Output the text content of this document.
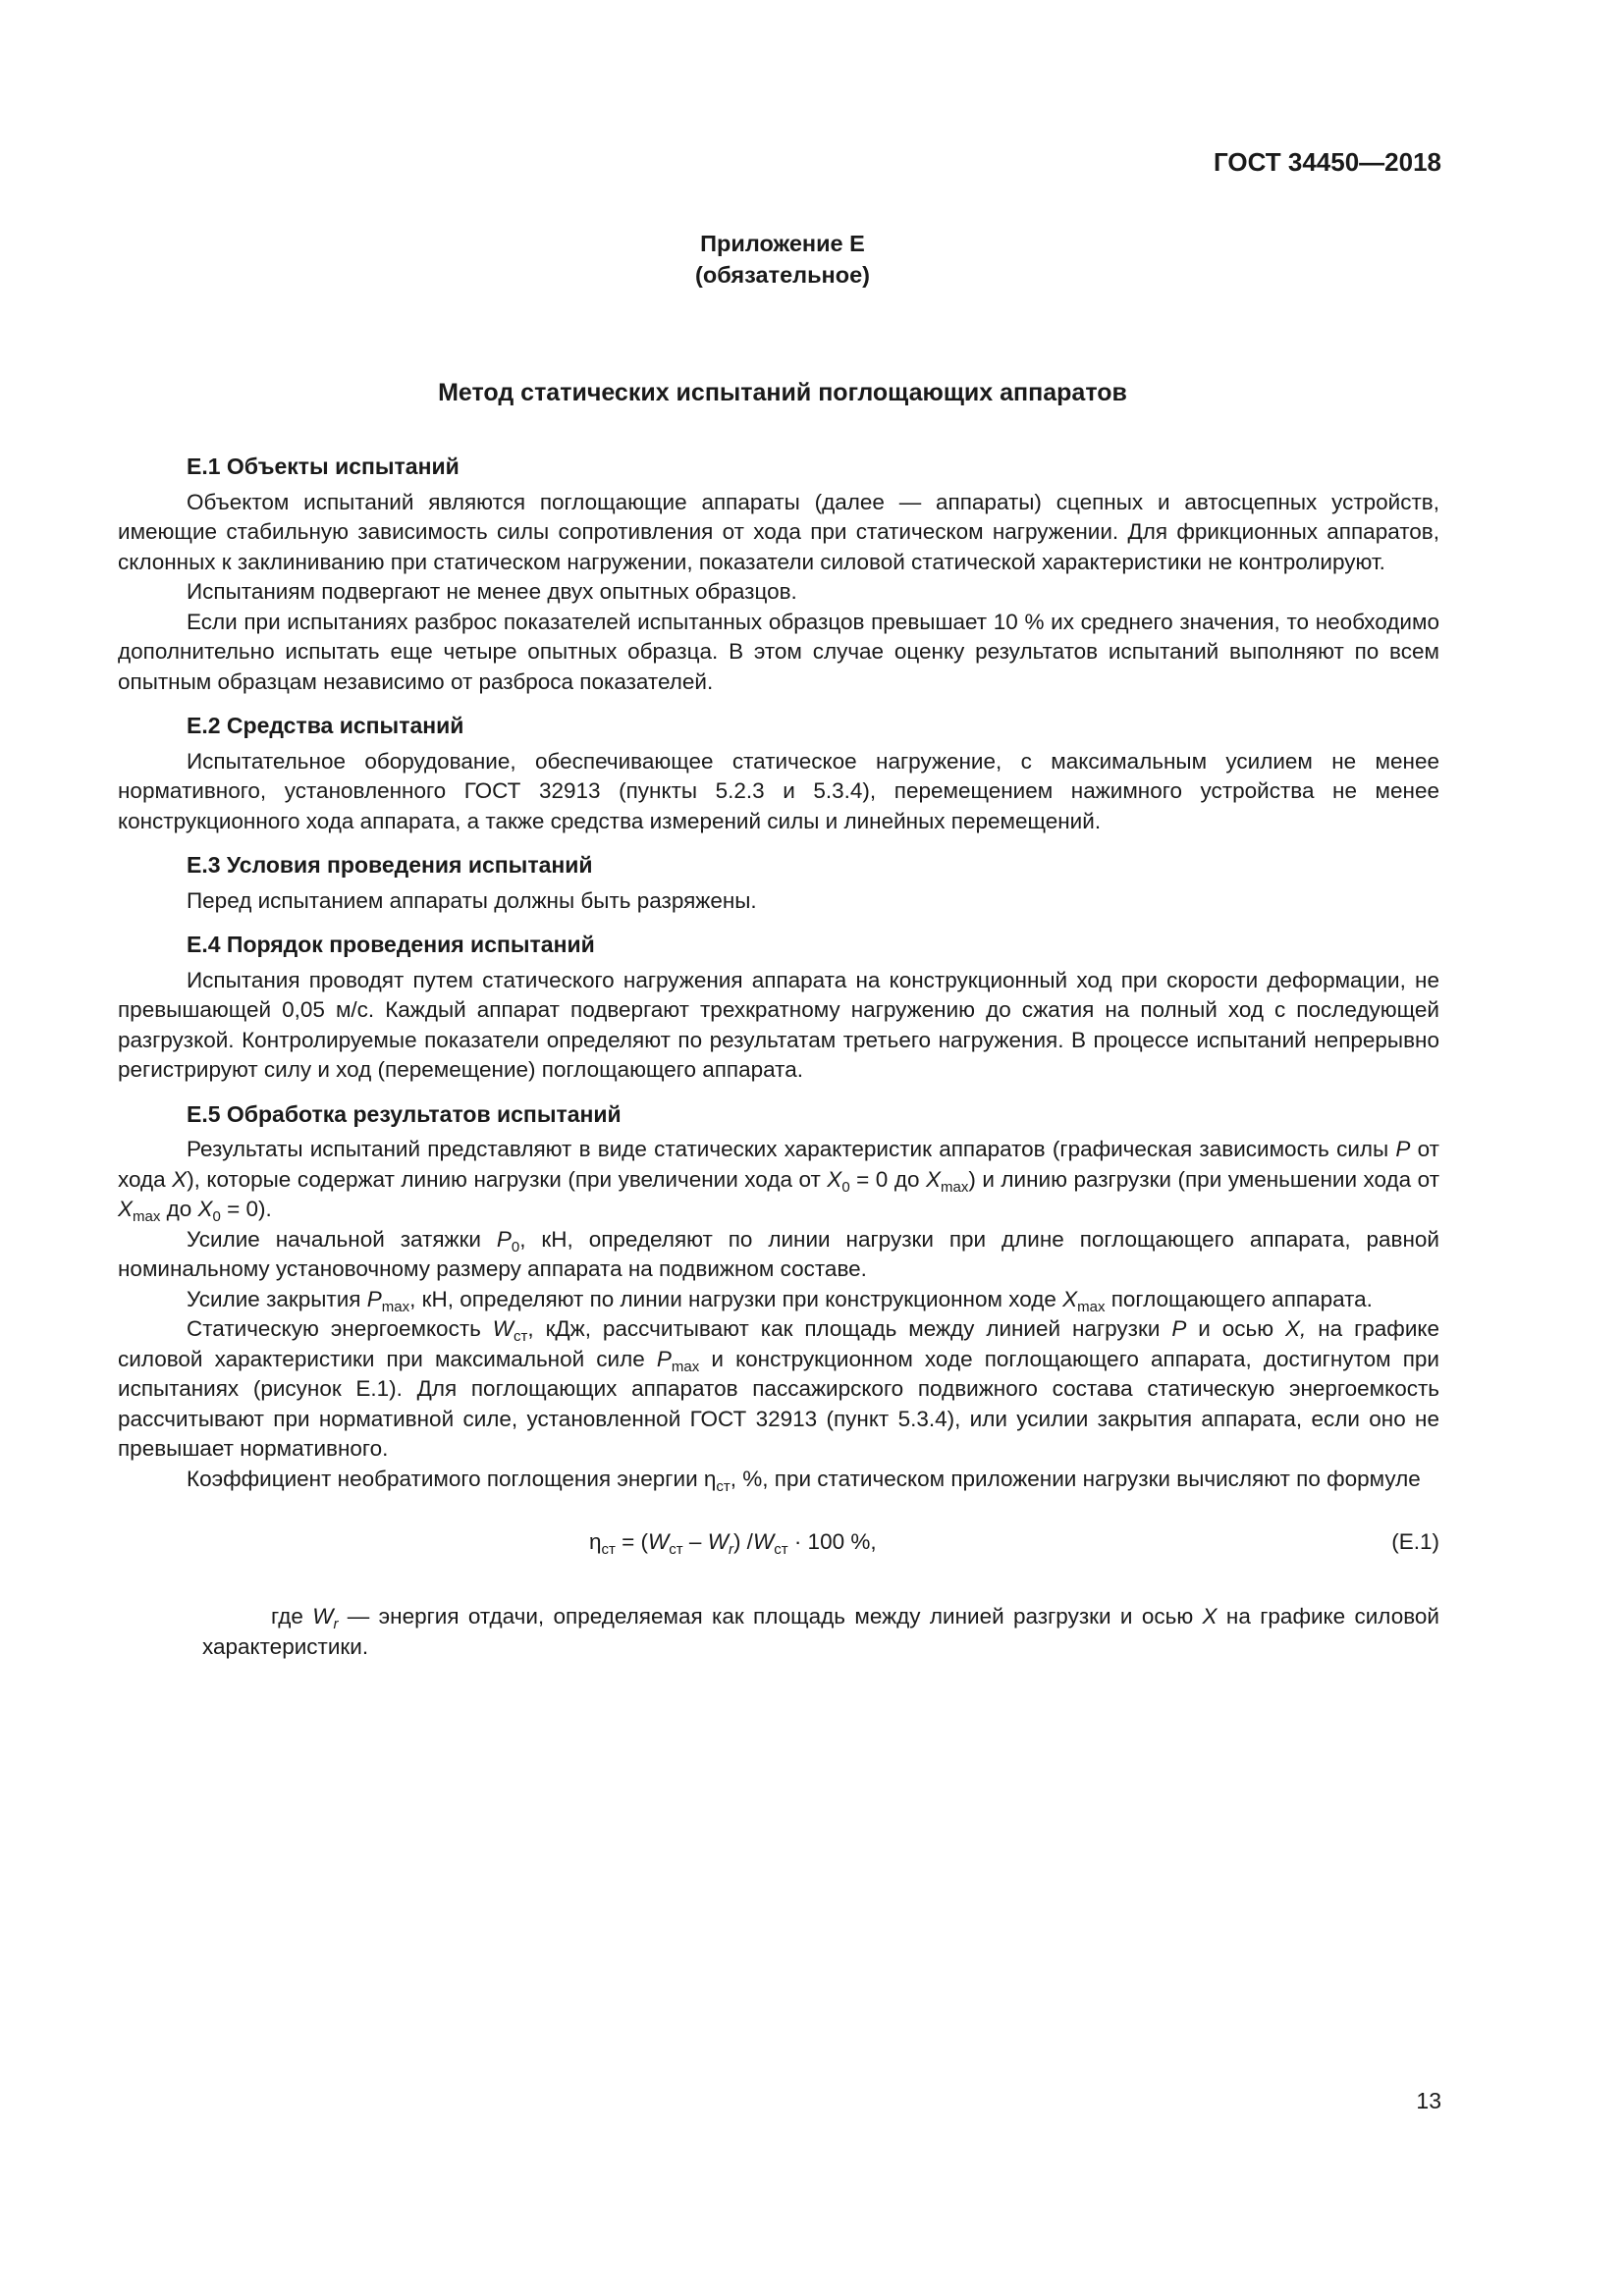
ГОСТ 34450—2018
Приложение Е
(обязательное)
Метод статических испытаний поглощающих аппаратов
Е.1 Объекты испытаний

Объектом испытаний являются поглощающие аппараты (далее — аппараты) сцепных и автосцепных устройств, имеющие стабильную зависимость силы сопротивления от хода при статическом нагружении. Для фрикционных аппаратов, склонных к заклиниванию при статическом нагружении, показатели силовой статической характеристики не контролируют.

Испытаниям подвергают не менее двух опытных образцов.

Если при испытаниях разброс показателей испытанных образцов превышает 10 % их среднего значения, то необходимо дополнительно испытать еще четыре опытных образца. В этом случае оценку результатов испытаний выполняют по всем опытным образцам независимо от разброса показателей.

Е.2 Средства испытаний

Испытательное оборудование, обеспечивающее статическое нагружение, с максимальным усилием не менее нормативного, установленного ГОСТ 32913 (пункты 5.2.3 и 5.3.4), перемещением нажимного устройства не менее конструкционного хода аппарата, а также средства измерений силы и линейных перемещений.

Е.3 Условия проведения испытаний

Перед испытанием аппараты должны быть разряжены.

Е.4 Порядок проведения испытаний

Испытания проводят путем статического нагружения аппарата на конструкционный ход при скорости деформации, не превышающей 0,05 м/с. Каждый аппарат подвергают трехкратному нагружению до сжатия на полный ход с последующей разгрузкой. Контролируемые показатели определяют по результатам третьего нагружения. В процессе испытаний непрерывно регистрируют силу и ход (перемещение) поглощающего аппарата.

Е.5 Обработка результатов испытаний

Результаты испытаний представляют в виде статических характеристик аппаратов (графическая зависимость силы P от хода X), которые содержат линию нагрузки (при увеличении хода от $X_0 = 0$ до $X_{max}$) и линию разгрузки (при уменьшении хода от $X_{max}$ до $X_0 = 0$).

Усилие начальной затяжки $P_0$, кН, определяют по линии нагрузки при длине поглощающего аппарата, равной номинальному установочному размеру аппарата на подвижном составе.

Усилие закрытия $P_{max}$, кН, определяют по линии нагрузки при конструкционном ходе $X_{max}$ поглощающего аппарата.

Статическую энергоемкость $W_{ст}$, кДж, рассчитывают как площадь между линией нагрузки P и осью X, на графике силовой характеристики при максимальной силе $P_{max}$ и конструкционном ходе поглощающего аппарата, достигнутом при испытаниях (рисунок Е.1). Для поглощающих аппаратов пассажирского подвижного состава статическую энергоемкость рассчитывают при нормативной силе, установленной ГОСТ 32913 (пункт 5.3.4), или усилии закрытия аппарата, если оно не превышает нормативного.

Коэффициент необратимого поглощения энергии $\eta_{ст}$, %, при статическом приложении нагрузки вычисляют по формуле

$\eta_{ст} = (W_{ст} - W_r) /W_{ст} \cdot 100$ %,	(Е.1)

где $W_r$ — энергия отдачи, определяемая как площадь между линией разгрузки и осью X на графике силовой характеристики.

13
